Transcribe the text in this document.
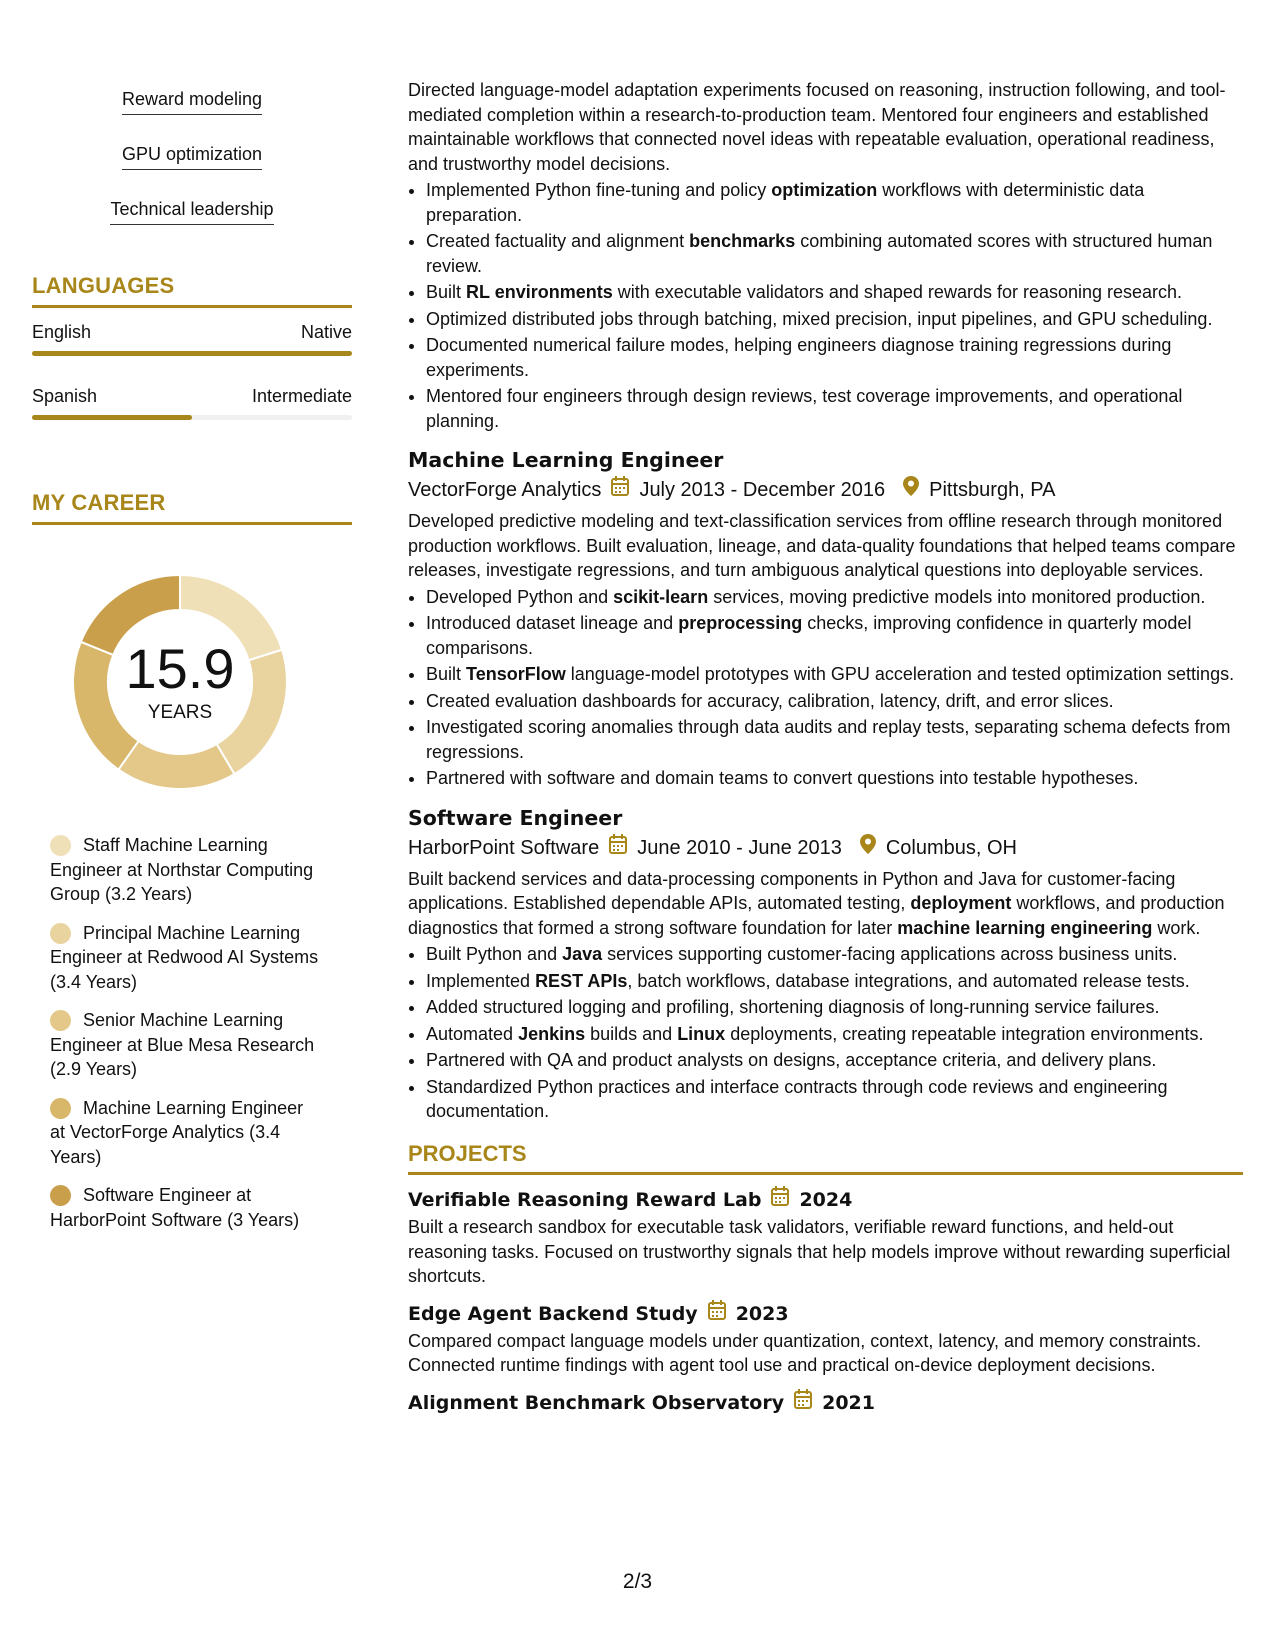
Reward modeling
GPU optimization
Technical leadership
LANGUAGES
English	Native
Spanish	Intermediate
MY CAREER
15.9
YEARS
Staff Machine Learning Engineer at Northstar Computing Group (3.2 Years)
Principal Machine Learning Engineer at Redwood AI Systems (3.4 Years)
Senior Machine Learning Engineer at Blue Mesa Research (2.9 Years)
Machine Learning Engineer at VectorForge Analytics (3.4 Years)
Software Engineer at HarborPoint Software (3 Years)

Directed language-model adaptation experiments focused on reasoning, instruction following, and tool-mediated completion within a research-to-production team. Mentored four engineers and established maintainable workflows that connected novel ideas with repeatable evaluation, operational readiness, and trustworthy model decisions.

• Implemented Python fine-tuning and policy optimization workflows with deterministic data preparation.
• Created factuality and alignment benchmarks combining automated scores with structured human review.
• Built RL environments with executable validators and shaped rewards for reasoning research.
• Optimized distributed jobs through batching, mixed precision, input pipelines, and GPU scheduling.
• Documented numerical failure modes, helping engineers diagnose training regressions during experiments.
• Mentored four engineers through design reviews, test coverage improvements, and operational planning.
Machine Learning Engineer
VectorForge Analytics July 2013 - December 2016 Pittsburgh, PA

Developed predictive modeling and text-classification services from offline research through monitored production workflows. Built evaluation, lineage, and data-quality foundations that helped teams compare releases, investigate regressions, and turn ambiguous analytical questions into deployable services.

• Developed Python and scikit-learn services, moving predictive models into monitored production.
• Introduced dataset lineage and preprocessing checks, improving confidence in quarterly model comparisons.
• Built TensorFlow language-model prototypes with GPU acceleration and tested optimization settings.
• Created evaluation dashboards for accuracy, calibration, latency, drift, and error slices.
• Investigated scoring anomalies through data audits and replay tests, separating schema defects from regressions.
• Partnered with software and domain teams to convert questions into testable hypotheses.
Software Engineer
HarborPoint Software June 2010 - June 2013 Columbus, OH

Built backend services and data-processing components in Python and Java for customer-facing applications. Established dependable APIs, automated testing, deployment workflows, and production diagnostics that formed a strong software foundation for later machine learning engineering work.

• Built Python and Java services supporting customer-facing applications across business units.
• Implemented REST APIs, batch workflows, database integrations, and automated release tests.
• Added structured logging and profiling, shortening diagnosis of long-running service failures.
• Automated Jenkins builds and Linux deployments, creating repeatable integration environments.
• Partnered with QA and product analysts on designs, acceptance criteria, and delivery plans.
• Standardized Python practices and interface contracts through code reviews and engineering documentation.
PROJECTS
Verifiable Reasoning Reward Lab 2024

Built a research sandbox for executable task validators, verifiable reward functions, and held-out reasoning tasks. Focused on trustworthy signals that help models improve without rewarding superficial shortcuts.

Edge Agent Backend Study 2023

Compared compact language models under quantization, context, latency, and memory constraints. Connected runtime findings with agent tool use and practical on-device deployment decisions.

Alignment Benchmark Observatory 2021
2/3
